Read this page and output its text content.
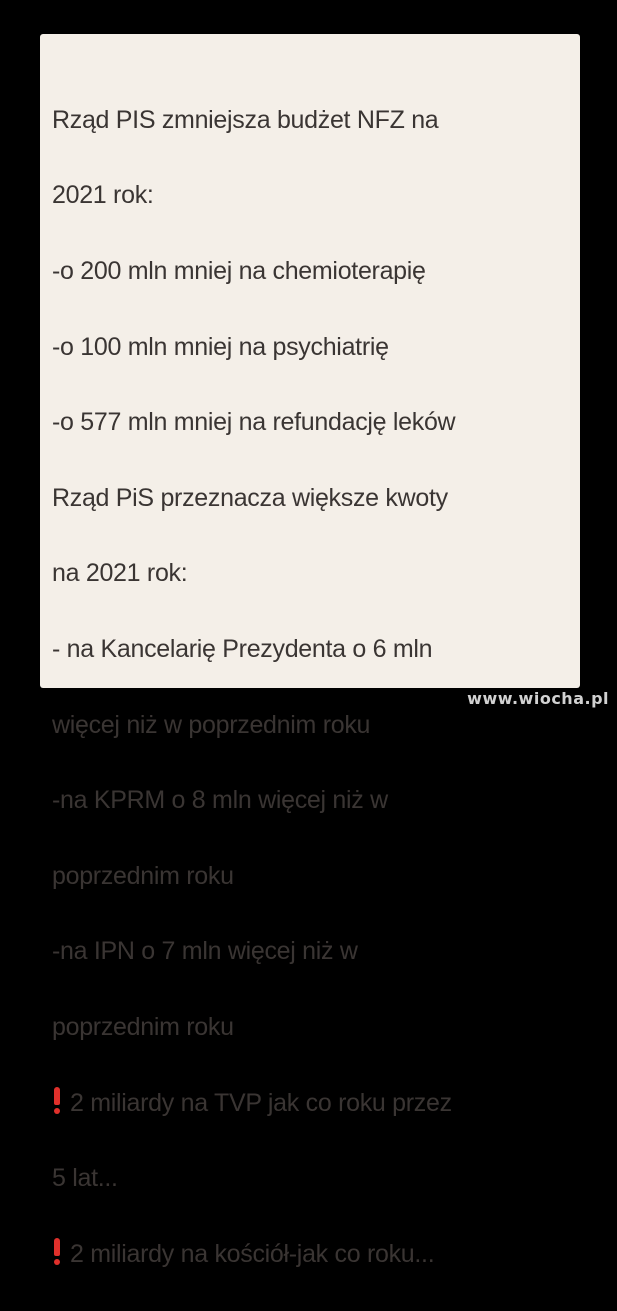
Rząd PIS zmniejsza budżet NFZ na

2021 rok:

-o 200 mln mniej na chemioterapię

-o 100 mln mniej na psychiatrię

-o 577 mln mniej na refundację leków

Rząd PiS przeznacza większe kwoty

na 2021 rok:

- na Kancelarię Prezydenta o 6 mln

więcej niż w poprzednim roku

-na KPRM o 8 mln więcej niż w

poprzednim roku

-na IPN o 7 mln więcej niż w

poprzednim roku

2 miliardy na TVP jak co roku przez

5 lat...

2 miliardy na kościół-jak co roku...

www.wiocha.pl
